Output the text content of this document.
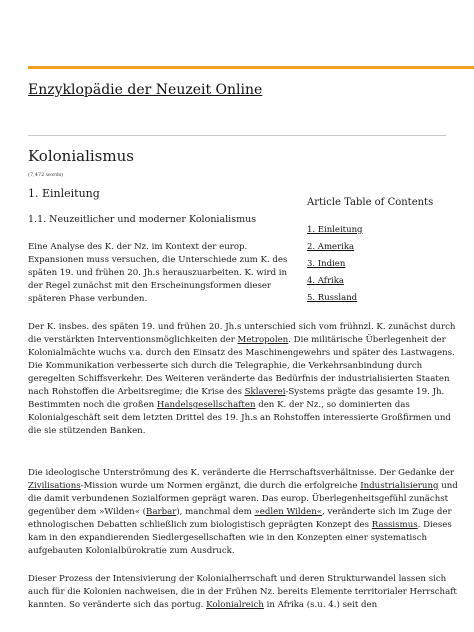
Enzyklopädie der Neuzeit Online
Kolonialismus
(7,472 words)
1. Einleitung
1.1. Neuzeitlicher und moderner Kolonialismus
Article Table of Contents
1. Einleitung
2. Amerika
3. Indien
4. Afrika
5. Russland

Eine Analyse des K. der Nz. im Kontext der europ. Expansionen muss versuchen, die Unterschiede zum K. des späten 19. und frühen 20. Jh.s herauszuarbeiten. K. wird in der Regel zunächst mit den Erscheinungsformen dieser späteren Phase verbunden.

Der K. insbes. des späten 19. und frühen 20. Jh.s unterschied sich vom frühnzl. K. zunächst durch die verstärkten Interventionsmöglichkeiten der Metropolen. Die militärische Überlegenheit der Kolonialmächte wuchs v.a. durch den Einsatz des Maschinengewehrs und später des Lastwagens. Die Kommunikation verbesserte sich durch die Telegraphie, die Verkehrsanbindung durch geregelten Schiffsverkehr. Des Weiteren veränderte das Bedürfnis der industrialisierten Staaten nach Rohstoffen die Arbeitsregime; die Krise des Sklaverei-Systems prägte das gesamte 19. Jh. Bestimmten noch die großen Handelsgesellschaften den K. der Nz., so dominierten das Kolonialgeschäft seit dem letzten Drittel des 19. Jh.s an Rohstoffen interessierte Großfirmen und die sie stützenden Banken.

Die ideologische Unterströmung des K. veränderte die Herrschaftsverhältnisse. Der Gedanke der Zivilisations-Mission wurde um Normen ergänzt, die durch die erfolgreiche Industrialisierung und die damit verbundenen Sozialformen geprägt waren. Das europ. Überlegenheitsgefühl zunächst gegenüber dem »Wilden« (Barbar), manchmal dem »edlen Wilden«, veränderte sich im Zuge der ethnologischen Debatten schließlich zum biologistisch geprägten Konzept des Rassismus. Dieses kam in den expandierenden Siedlergesellschaften wie in den Konzepten einer systematisch aufgebauten Kolonialbürokratie zum Ausdruck.

Dieser Prozess der Intensivierung der Kolonialherrschaft und deren Strukturwandel lassen sich auch für die Kolonien nachweisen, die in der Frühen Nz. bereits Elemente territorialer Herrschaft kannten. So veränderte sich das portug. Kolonialreich in Afrika (s.u. 4.) seit den
